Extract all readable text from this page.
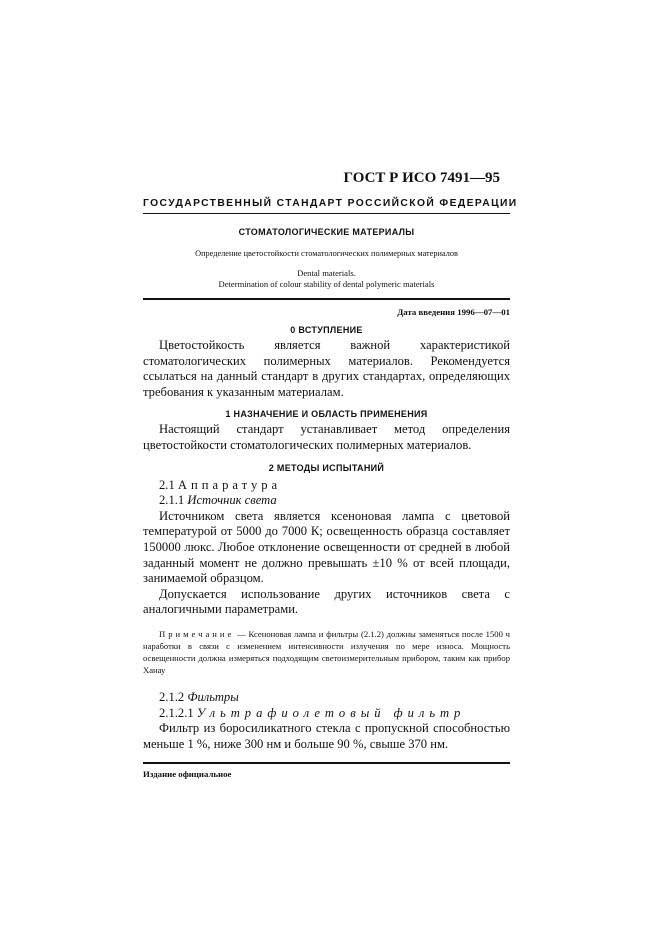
ГОСТ Р ИСО 7491—95
ГОСУДАРСТВЕННЫЙ СТАНДАРТ РОССИЙСКОЙ ФЕДЕРАЦИИ
СТОМАТОЛОГИЧЕСКИЕ МАТЕРИАЛЫ
Определение цветостойкости стоматологических полимерных материалов
Dental materials.
Determination of colour stability of dental polymeric materials
Дата введения 1996—07—01
0 ВСТУПЛЕНИЕ
Цветостойкость является важной характеристикой стоматологических полимерных материалов. Рекомендуется ссылаться на данный стандарт в других стандартах, определяющих требования к указанным материалам.
1 НАЗНАЧЕНИЕ И ОБЛАСТЬ ПРИМЕНЕНИЯ
Настоящий стандарт устанавливает метод определения цветостойкости стоматологических полимерных материалов.
2 МЕТОДЫ ИСПЫТАНИЙ
2.1 Аппаратура
2.1.1 Источник света
Источником света является ксеноновая лампа с цветовой температурой от 5000 до 7000 К; освещенность образца составляет 150000 люкс. Любое отклонение освещенности от средней в любой заданный момент не должно превышать ±10 % от всей площади, занимаемой образцом.
Допускается использование других источников света с аналогичными параметрами.
Примечание — Ксеноновая лампа и фильтры (2.1.2) должны заменяться после 1500 ч наработки в связи с изменением интенсивности излучения по мере износа. Мощность освещенности должна измеряться подходящим светоизмерительным прибором, таким как прибор Ханау
2.1.2 Фильтры
2.1.2.1 Ультрафиолетовый фильтр
Фильтр из боросиликатного стекла с пропускной способностью меньше 1 %, ниже 300 нм и больше 90 %, свыше 370 нм.
Издание официальное
